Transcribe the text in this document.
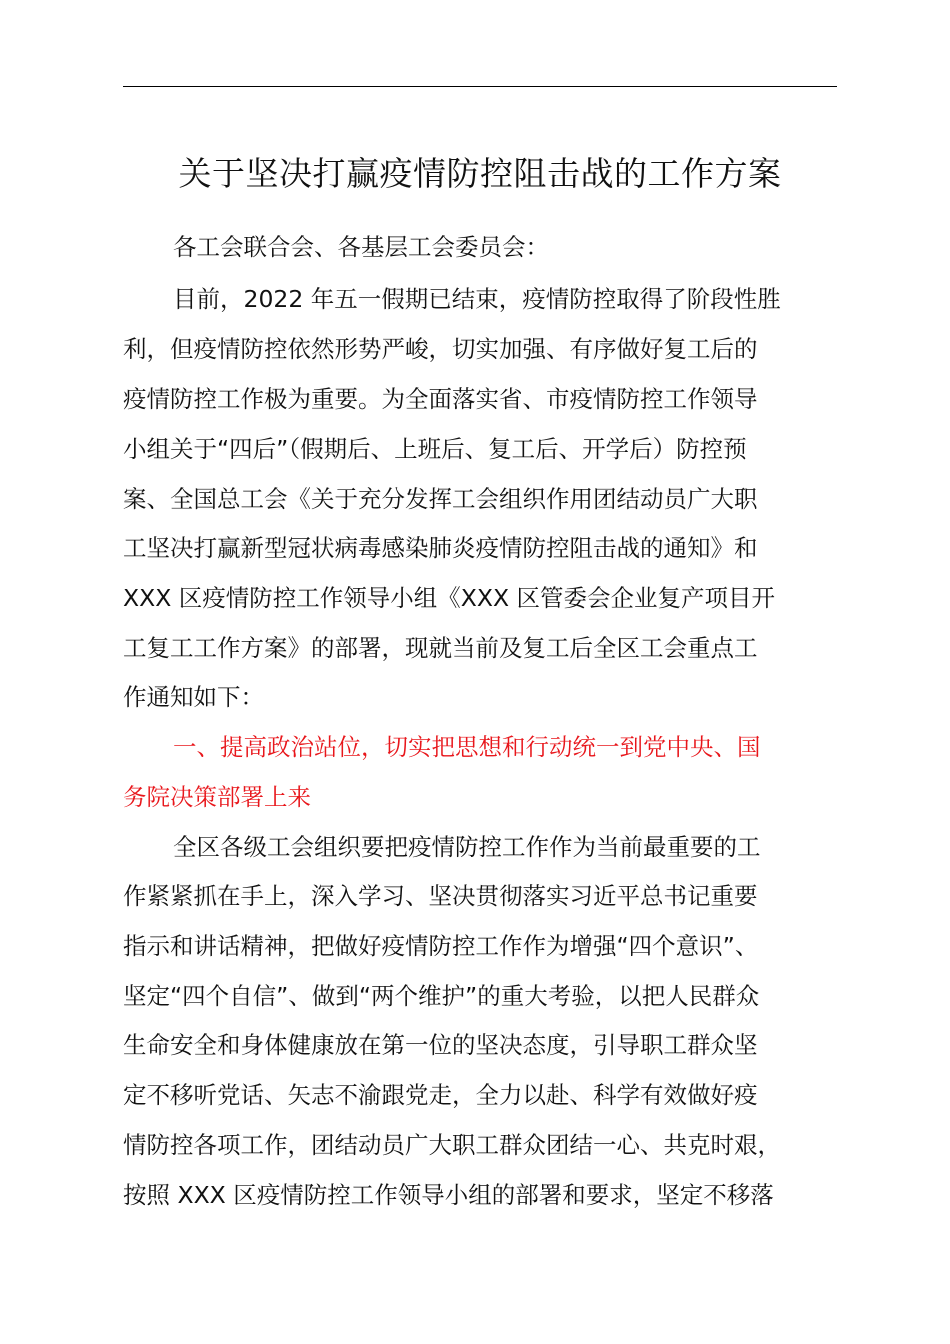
关于坚决打赢疫情防控阻击战的工作方案
各工会联合会、各基层工会委员会：
目前，2022 年五一假期已结束，疫情防控取得了阶段性胜
利，但疫情防控依然形势严峻，切实加强、有序做好复工后的
疫情防控工作极为重要。为全面落实省、市疫情防控工作领导
小组关于“四后”（假期后、上班后、复工后、开学后）防控预
案、全国总工会《关于充分发挥工会组织作用团结动员广大职
工坚决打赢新型冠状病毒感染肺炎疫情防控阻击战的通知》和
XXX 区疫情防控工作领导小组《XXX 区管委会企业复产项目开
工复工工作方案》的部署，现就当前及复工后全区工会重点工
作通知如下：
一、提高政治站位，切实把思想和行动统一到党中央、国
务院决策部署上来
全区各级工会组织要把疫情防控工作作为当前最重要的工
作紧紧抓在手上，深入学习、坚决贯彻落实习近平总书记重要
指示和讲话精神，把做好疫情防控工作作为增强“四个意识”、
坚定“四个自信”、做到“两个维护”的重大考验，以把人民群众
生命安全和身体健康放在第一位的坚决态度，引导职工群众坚
定不移听党话、矢志不渝跟党走，全力以赴、科学有效做好疫
情防控各项工作，团结动员广大职工群众团结一心、共克时艰，
按照 XXX 区疫情防控工作领导小组的部署和要求，坚定不移落
